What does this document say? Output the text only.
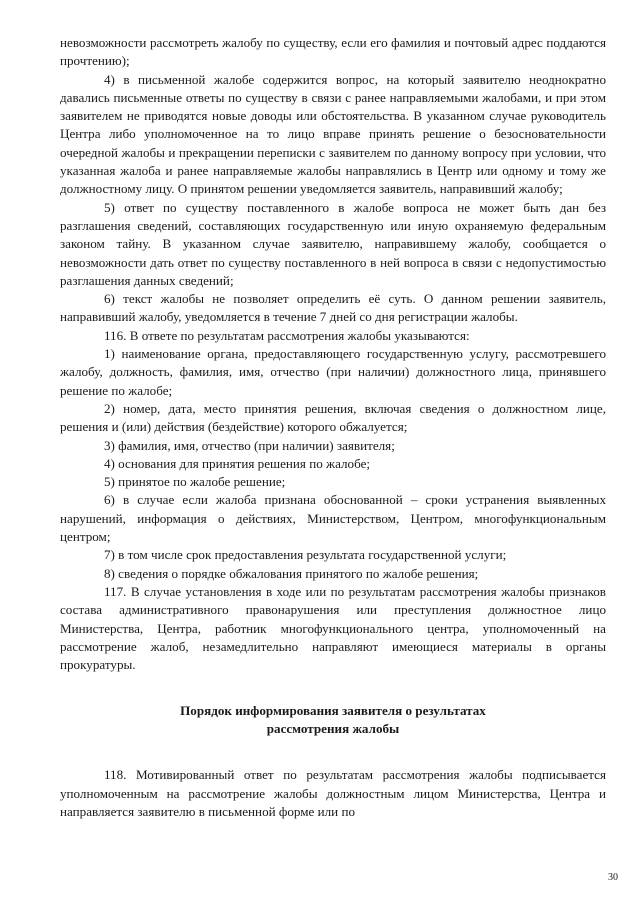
невозможности рассмотреть жалобу по существу, если его фамилия и почтовый адрес поддаются прочтению);

4) в письменной жалобе содержится вопрос, на который заявителю неоднократно давались письменные ответы по существу в связи с ранее направляемыми жалобами, и при этом заявителем не приводятся новые доводы или обстоятельства. В указанном случае руководитель Центра либо уполномоченное на то лицо вправе принять решение о безосновательности очередной жалобы и прекращении переписки с заявителем по данному вопросу при условии, что указанная жалоба и ранее направляемые жалобы направлялись в Центр или одному и тому же должностному лицу. О принятом решении уведомляется заявитель, направивший жалобу;

5) ответ по существу поставленного в жалобе вопроса не может быть дан без разглашения сведений, составляющих государственную или иную охраняемую федеральным законом тайну. В указанном случае заявителю, направившему жалобу, сообщается о невозможности дать ответ по существу поставленного в ней вопроса в связи с недопустимостью разглашения данных сведений;

6) текст жалобы не позволяет определить её суть. О данном решении заявитель, направивший жалобу, уведомляется в течение 7 дней со дня регистрации жалобы.

116. В ответе по результатам рассмотрения жалобы указываются:

1) наименование органа, предоставляющего государственную услугу, рассмотревшего жалобу, должность, фамилия, имя, отчество (при наличии) должностного лица, принявшего решение по жалобе;

2) номер, дата, место принятия решения, включая сведения о должностном лице, решения и (или) действия (бездействие) которого обжалуется;

3) фамилия, имя, отчество (при наличии) заявителя;

4) основания для принятия решения по жалобе;

5) принятое по жалобе решение;

6) в случае если жалоба признана обоснованной – сроки устранения выявленных нарушений, информация о действиях, Министерством, Центром, многофункциональным центром;

7) в том числе срок предоставления результата государственной услуги;

8) сведения о порядке обжалования принятого по жалобе решения;

117. В случае установления в ходе или по результатам рассмотрения жалобы признаков состава административного правонарушения или преступления должностное лицо Министерства, Центра, работник многофункционального центра, уполномоченный на рассмотрение жалоб, незамедлительно направляют имеющиеся материалы в органы прокуратуры.

Порядок информирования заявителя о результатах
рассмотрения жалобы

118. Мотивированный ответ по результатам рассмотрения жалобы подписывается уполномоченным на рассмотрение жалобы должностным лицом Министерства, Центра и направляется заявителю в письменной форме или по

30
